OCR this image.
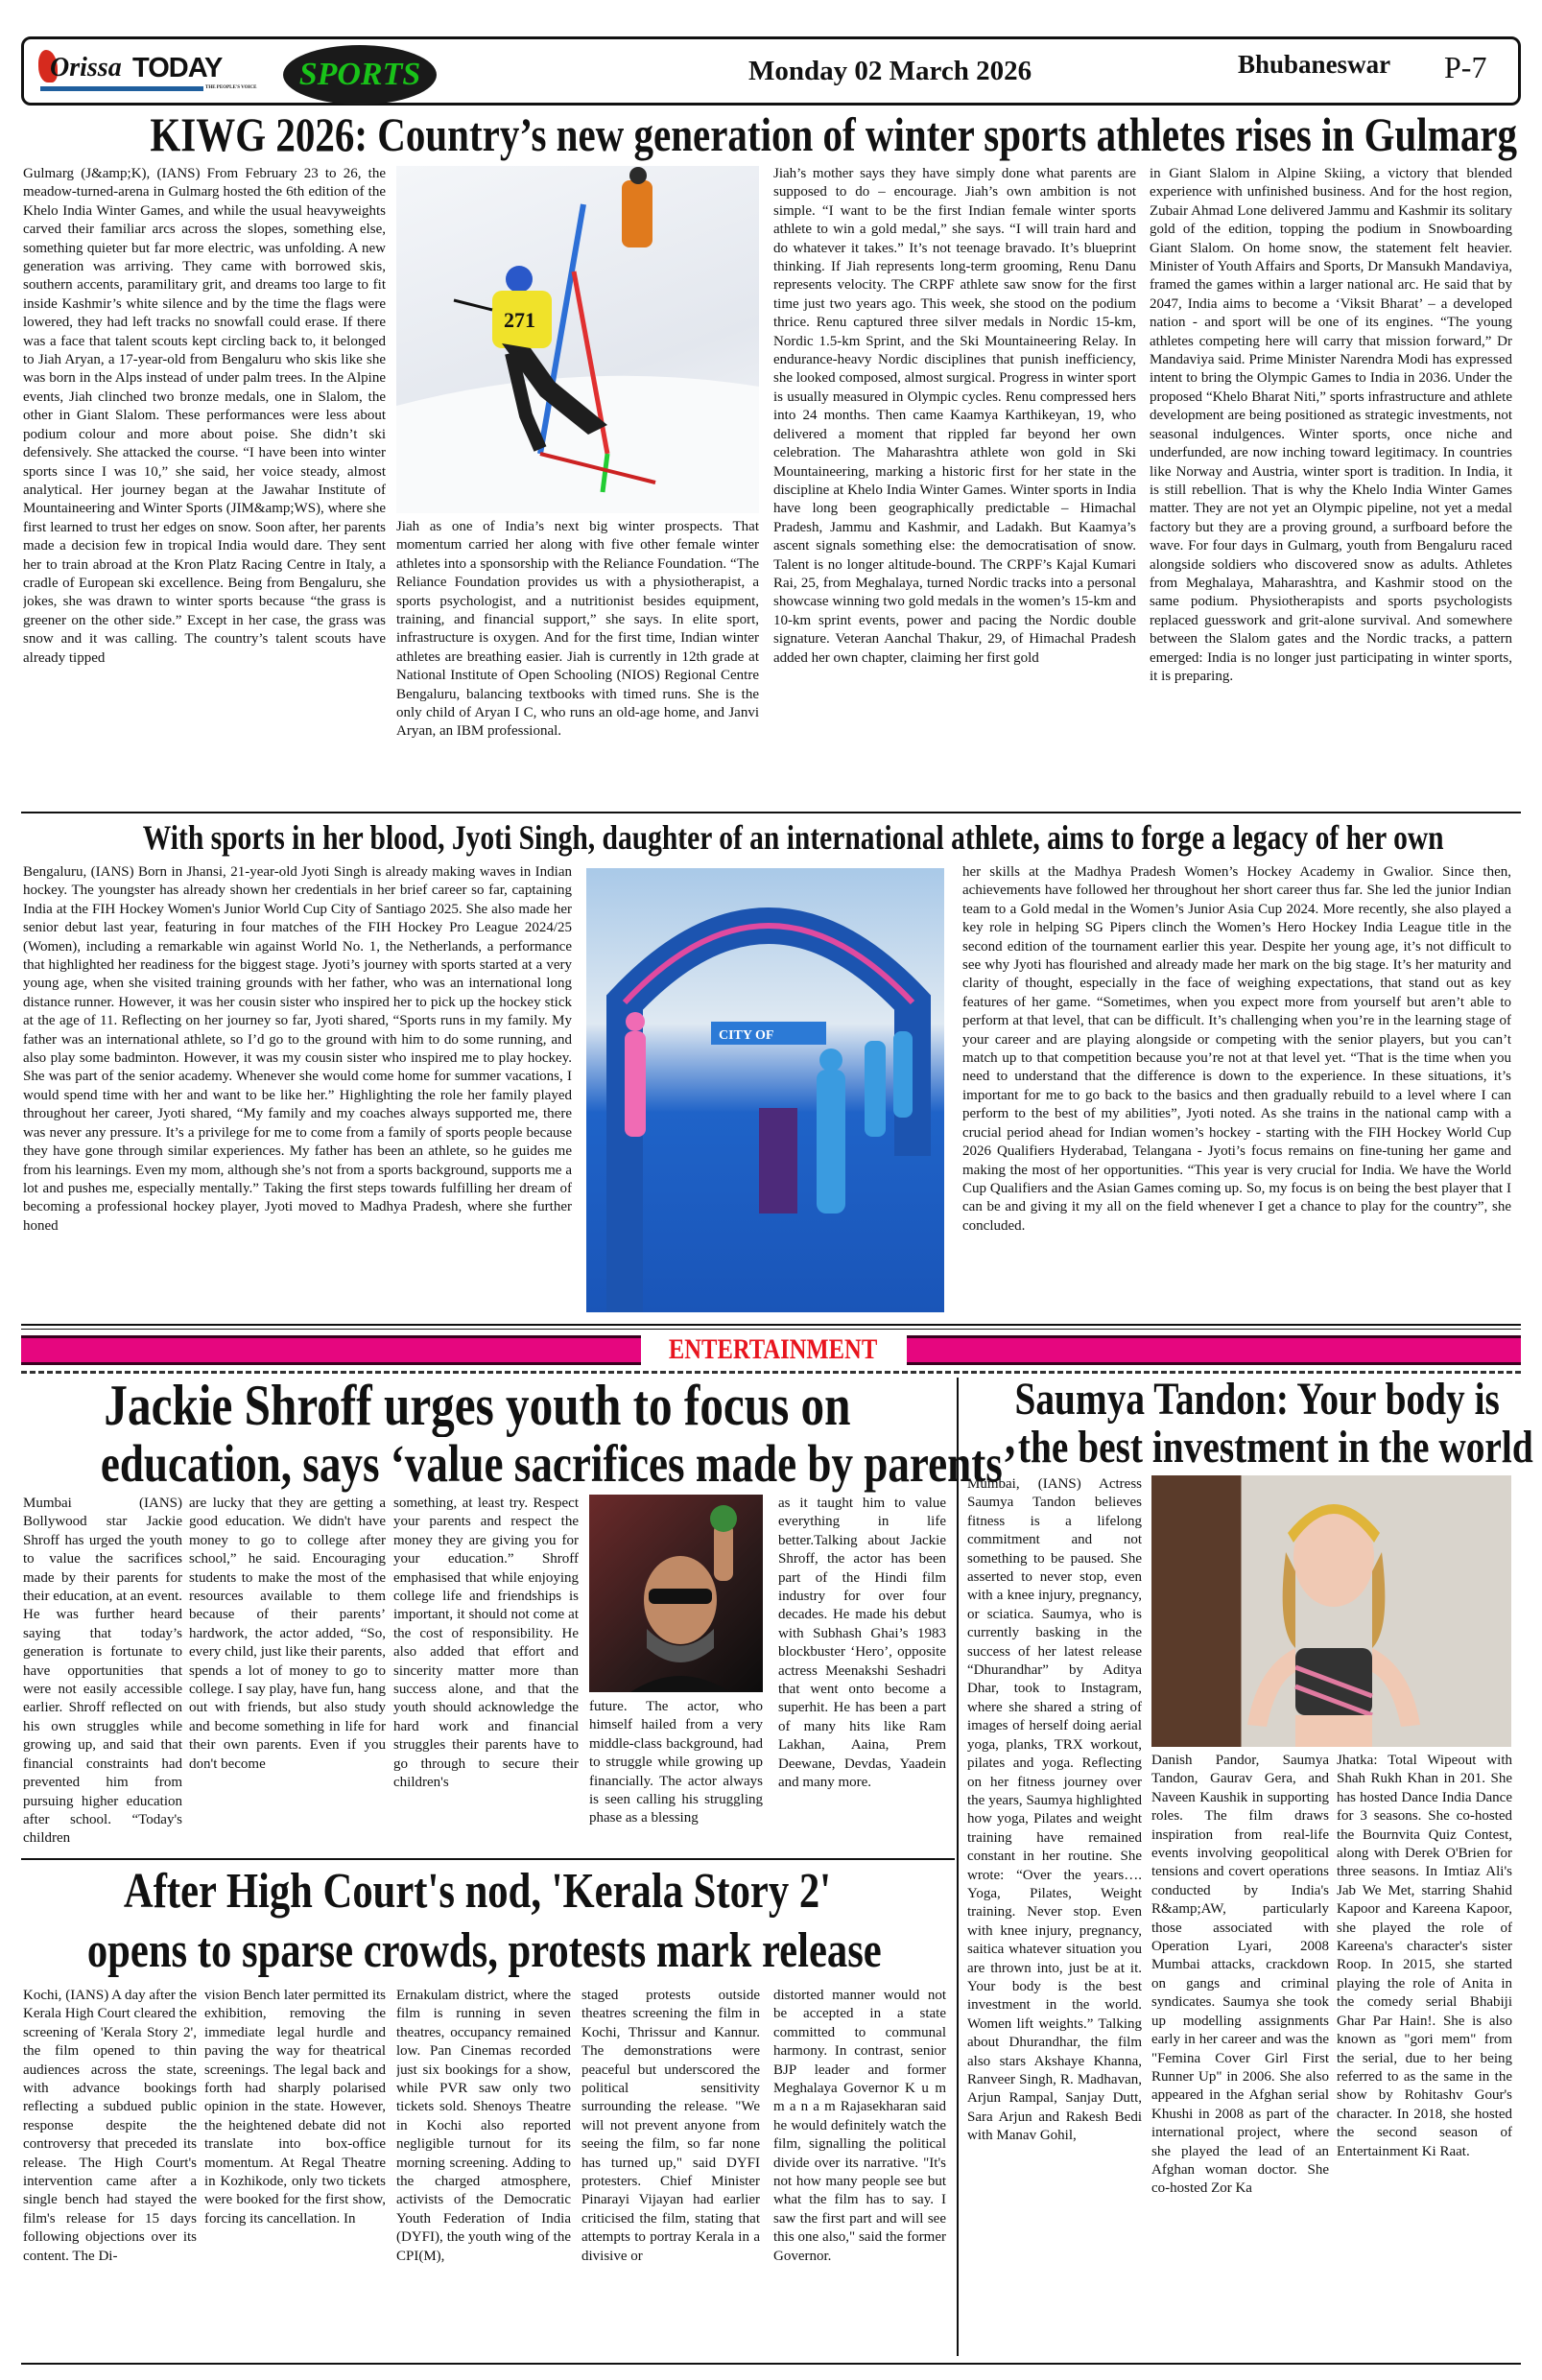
Orissa TODAY
THE PEOPLE'S VOICE SPORTS	Monday 02 March 2026	Bhubaneswar P-7
KIWG 2026: Country’s new generation of winter sports athletes rises in Gulmarg
Gulmarg (J&amp;K), (IANS) From February 23 to 26, the meadow-turned-arena in Gulmarg hosted the 6th edition of the Khelo India Winter Games, and while the usual heavyweights carved their familiar arcs across the slopes, something else, something quieter but far more electric, was unfolding. A new generation was arriving. They came with borrowed skis, southern accents, paramilitary grit, and dreams too large to fit inside Kashmir’s white silence and by the time the flags were lowered, they had left tracks no snowfall could erase. If there was a face that talent scouts kept circling back to, it belonged to Jiah Aryan, a 17-year-old from Bengaluru who skis like she was born in the Alps instead of under palm trees. In the Alpine events, Jiah clinched two bronze medals, one in Slalom, the other in Giant Slalom. These performances were less about podium colour and more about poise. She didn’t ski defensively. She attacked the course. “I have been into winter sports since I was 10,” she said, her voice steady, almost analytical. Her journey began at the Jawahar Institute of Mountaineering and Winter Sports (JIM&amp;WS), where she first learned to trust her edges on snow. Soon after, her parents made a decision few in tropical India would dare. They sent her to train abroad at the Kron Platz Racing Centre in Italy, a cradle of European ski excellence. Being from Bengaluru, she jokes, she was drawn to winter sports because “the grass is greener on the other side.” Except in her case, the grass was snow and it was calling. The country’s talent scouts have already tipped
271
Jiah as one of India’s next big winter prospects. That momentum carried her along with five other female winter athletes into a sponsorship with the Reliance Foundation. “The Reliance Foundation provides us with a physiotherapist, a sports psychologist, and a nutritionist besides equipment, training, and financial support,” she says. In elite sport, infrastructure is oxygen. And for the first time, Indian winter athletes are breathing easier. Jiah is currently in 12th grade at National Institute of Open Schooling (NIOS) Regional Centre Bengaluru, balancing textbooks with timed runs. She is the only child of Aryan I C, who runs an old-age home, and Janvi Aryan, an IBM professional.
Jiah’s mother says they have simply done what parents are supposed to do – encourage. Jiah’s own ambition is not simple. “I want to be the first Indian female winter sports athlete to win a gold medal,” she says. “I will train hard and do whatever it takes.” It’s not teenage bravado. It’s blueprint thinking. If Jiah represents long-term grooming, Renu Danu represents velocity. The CRPF athlete saw snow for the first time just two years ago. This week, she stood on the podium thrice. Renu captured three silver medals in Nordic 15-km, Nordic 1.5-km Sprint, and the Ski Mountaineering Relay. In endurance-heavy Nordic disciplines that punish inefficiency, she looked composed, almost surgical. Progress in winter sport is usually measured in Olympic cycles. Renu compressed hers into 24 months. Then came Kaamya Karthikeyan, 19, who delivered a moment that rippled far beyond her own celebration. The Maharashtra athlete won gold in Ski Mountaineering, marking a historic first for her state in the discipline at Khelo India Winter Games. Winter sports in India have long been geographically predictable – Himachal Pradesh, Jammu and Kashmir, and Ladakh. But Kaamya’s ascent signals something else: the democratisation of snow. Talent is no longer altitude-bound. The CRPF’s Kajal Kumari Rai, 25, from Meghalaya, turned Nordic tracks into a personal showcase winning two gold medals in the women’s 15-km and 10-km sprint events, power and pacing the Nordic double signature. Veteran Aanchal Thakur, 29, of Himachal Pradesh added her own chapter, claiming her first gold
in Giant Slalom in Alpine Skiing, a victory that blended experience with unfinished business. And for the host region, Zubair Ahmad Lone delivered Jammu and Kashmir its solitary gold of the edition, topping the podium in Snowboarding Giant Slalom. On home snow, the statement felt heavier. Minister of Youth Affairs and Sports, Dr Mansukh Mandaviya, framed the games within a larger national arc. He said that by 2047, India aims to become a ‘Viksit Bharat’ – a developed nation - and sport will be one of its engines. “The young athletes competing here will carry that mission forward,” Dr Mandaviya said. Prime Minister Narendra Modi has expressed intent to bring the Olympic Games to India in 2036. Under the proposed “Khelo Bharat Niti,” sports infrastructure and athlete development are being positioned as strategic investments, not seasonal indulgences. Winter sports, once niche and underfunded, are now inching toward legitimacy. In countries like Norway and Austria, winter sport is tradition. In India, it is still rebellion. That is why the Khelo India Winter Games matter. They are not yet an Olympic pipeline, not yet a medal factory but they are a proving ground, a surfboard before the wave. For four days in Gulmarg, youth from Bengaluru raced alongside soldiers who discovered snow as adults. Athletes from Meghalaya, Maharashtra, and Kashmir stood on the same podium. Physiotherapists and sports psychologists replaced guesswork and grit-alone survival. And somewhere between the Slalom gates and the Nordic tracks, a pattern emerged: India is no longer just participating in winter sports, it is preparing.
With sports in her blood, Jyoti Singh, daughter of an international athlete, aims to forge a legacy of her own
Bengaluru, (IANS) Born in Jhansi, 21-year-old Jyoti Singh is already making waves in Indian hockey. The youngster has already shown her credentials in her brief career so far, captaining India at the FIH Hockey Women's Junior World Cup City of Santiago 2025. She also made her senior debut last year, featuring in four matches of the FIH Hockey Pro League 2024/25 (Women), including a remarkable win against World No. 1, the Netherlands, a performance that highlighted her readiness for the biggest stage. Jyoti’s journey with sports started at a very young age, when she visited training grounds with her father, who was an international long distance runner. However, it was her cousin sister who inspired her to pick up the hockey stick at the age of 11. Reflecting on her journey so far, Jyoti shared, “Sports runs in my family. My father was an international athlete, so I’d go to the ground with him to do some running, and also play some badminton. However, it was my cousin sister who inspired me to play hockey. She was part of the senior academy. Whenever she would come home for summer vacations, I would spend time with her and want to be like her.” Highlighting the role her family played throughout her career, Jyoti shared, “My family and my coaches always supported me, there was never any pressure. It’s a privilege for me to come from a family of sports people because they have gone through similar experiences. My father has been an athlete, so he guides me from his learnings. Even my mom, although she’s not from a sports background, supports me a lot and pushes me, especially mentally.” Taking the first steps towards fulfilling her dream of becoming a professional hockey player, Jyoti moved to Madhya Pradesh, where she further honed
CITY OF
her skills at the Madhya Pradesh Women’s Hockey Academy in Gwalior. Since then, achievements have followed her throughout her short career thus far. She led the junior Indian team to a Gold medal in the Women’s Junior Asia Cup 2024. More recently, she also played a key role in helping SG Pipers clinch the Women’s Hero Hockey India League title in the second edition of the tournament earlier this year. Despite her young age, it’s not difficult to see why Jyoti has flourished and already made her mark on the big stage. It’s her maturity and clarity of thought, especially in the face of weighing expectations, that stand out as key features of her game. “Sometimes, when you expect more from yourself but aren’t able to perform at that level, that can be difficult. It’s challenging when you’re in the learning stage of your career and are playing alongside or competing with the senior players, but you can’t match up to that competition because you’re not at that level yet. “That is the time when you need to understand that the difference is down to the experience. In these situations, it’s important for me to go back to the basics and then gradually rebuild to a level where I can perform to the best of my abilities”, Jyoti noted. As she trains in the national camp with a crucial period ahead for Indian women’s hockey - starting with the FIH Hockey World Cup 2026 Qualifiers Hyderabad, Telangana - Jyoti’s focus remains on fine-tuning her game and making the most of her opportunities. “This year is very crucial for India. We have the World Cup Qualifiers and the Asian Games coming up. So, my focus is on being the best player that I can be and giving it my all on the field whenever I get a chance to play for the country”, she concluded.
ENTERTAINMENT
Jackie Shroff urges youth to focus on
education, says ‘value sacrifices made by parents’
Mumbai (IANS) Bollywood star Jackie Shroff has urged the youth to value the sacrifices made by their parents for their education, at an event. He was further heard saying that today’s generation is fortunate to have opportunities that were not easily accessible earlier. Shroff reflected on his own struggles while growing up, and said that financial constraints had prevented him from pursuing higher education after school. “Today's children
are lucky that they are getting a good education. We didn't have money to go to college after school,” he said. Encouraging students to make the most of the resources available to them because of their parents’ hardwork, the actor added, “So, every child, just like their parents, spends a lot of money to go to college. I say play, have fun, hang out with friends, but also study and become something in life for their own parents. Even if you don't become
something, at least try. Respect your parents and respect the money they are giving you for your education.” Shroff emphasised that while enjoying college life and friendships is important, it should not come at the cost of responsibility. He also added that effort and sincerity matter more than success alone, and that the youth should acknowledge the hard work and financial struggles their parents have to go through to secure their children's
future. The actor, who himself hailed from a very middle-class background, had to struggle while growing up financially. The actor always is seen calling his struggling phase as a blessing
as it taught him to value everything in life better.Talking about Jackie Shroff, the actor has been part of the Hindi film industry for over four decades. He made his debut with Subhash Ghai’s 1983 blockbuster ‘Hero’, opposite actress Meenakshi Seshadri that went onto become a superhit. He has been a part of many hits like Ram Lakhan, Aaina, Prem Deewane, Devdas, Yaadein and many more.
After High Court's nod, 'Kerala Story 2'
opens to sparse crowds, protests mark release
Kochi, (IANS) A day after the Kerala High Court cleared the screening of 'Kerala Story 2', the film opened to thin audiences across the state, with advance bookings reflecting a subdued public response despite the controversy that preceded its release. The High Court's intervention came after a single bench had stayed the film's release for 15 days following objections over its content. The Di-
vision Bench later permitted its exhibition, removing the immediate legal hurdle and paving the way for theatrical screenings. The legal back and forth had sharply polarised opinion in the state. However, the heightened debate did not translate into box-office momentum. At Regal Theatre in Kozhikode, only two tickets were booked for the first show, forcing its cancellation. In
Ernakulam district, where the film is running in seven theatres, occupancy remained low. Pan Cinemas recorded just six bookings for a show, while PVR saw only two tickets sold. Shenoys Theatre in Kochi also reported negligible turnout for its morning screening. Adding to the charged atmosphere, activists of the Democratic Youth Federation of India (DYFI), the youth wing of the CPI(M),
staged protests outside theatres screening the film in Kochi, Thrissur and Kannur. The demonstrations were peaceful but underscored the political sensitivity surrounding the release. "We will not prevent anyone from seeing the film, so far none has turned up," said DYFI protesters. Chief Minister Pinarayi Vijayan had earlier criticised the film, stating that attempts to portray Kerala in a divisive or
distorted manner would not be accepted in a state committed to communal harmony. In contrast, senior BJP leader and former Meghalaya Governor K u m m a n a m Rajasekharan said he would definitely watch the film, signalling the political divide over its narrative. "It's not how many people see but what the film has to say. I saw the first part and will see this one also," said the former Governor.
Saumya Tandon: Your body is
the best investment in the world
Mumbai, (IANS) Actress Saumya Tandon believes fitness is a lifelong commitment and not something to be paused. She asserted to never stop, even with a knee injury, pregnancy, or sciatica. Saumya, who is currently basking in the success of her latest release “Dhurandhar” by Aditya Dhar, took to Instagram, where she shared a string of images of herself doing aerial yoga, planks, TRX workout, pilates and yoga. Reflecting on her fitness journey over the years, Saumya highlighted how yoga, Pilates and weight training have remained constant in her routine. She wrote: “Over the years…. Yoga, Pilates, Weight training. Never stop. Even with knee injury, pregnancy, saitica whatever situation you are thrown into, just be at it. Your body is the best investment in the world. Women lift weights.” Talking about Dhurandhar, the film also stars Akshaye Khanna, Ranveer Singh, R. Madhavan, Arjun Rampal, Sanjay Dutt, Sara Arjun and Rakesh Bedi with Manav Gohil,
Danish Pandor, Saumya Tandon, Gaurav Gera, and Naveen Kaushik in supporting roles. The film draws inspiration from real-life events involving geopolitical tensions and covert operations conducted by India's R&amp;AW, particularly those associated with Operation Lyari, 2008 Mumbai attacks, crackdown on gangs and criminal syndicates. Saumya she took up modelling assignments early in her career and was the "Femina Cover Girl First Runner Up" in 2006. She also appeared in the Afghan serial Khushi in 2008 as part of the international project, where she played the lead of an Afghan woman doctor. She co-hosted Zor Ka
Jhatka: Total Wipeout with Shah Rukh Khan in 201. She has hosted Dance India Dance for 3 seasons. She co-hosted the Bournvita Quiz Contest, along with Derek O'Brien for three seasons. In Imtiaz Ali's Jab We Met, starring Shahid Kapoor and Kareena Kapoor, she played the role of Kareena's character's sister Roop. In 2015, she started playing the role of Anita in the comedy serial Bhabiji Ghar Par Hain!. She is also known as "gori mem" from the serial, due to her being referred to as the same in the show by Rohitashv Gour's character. In 2018, she hosted the second season of Entertainment Ki Raat.
